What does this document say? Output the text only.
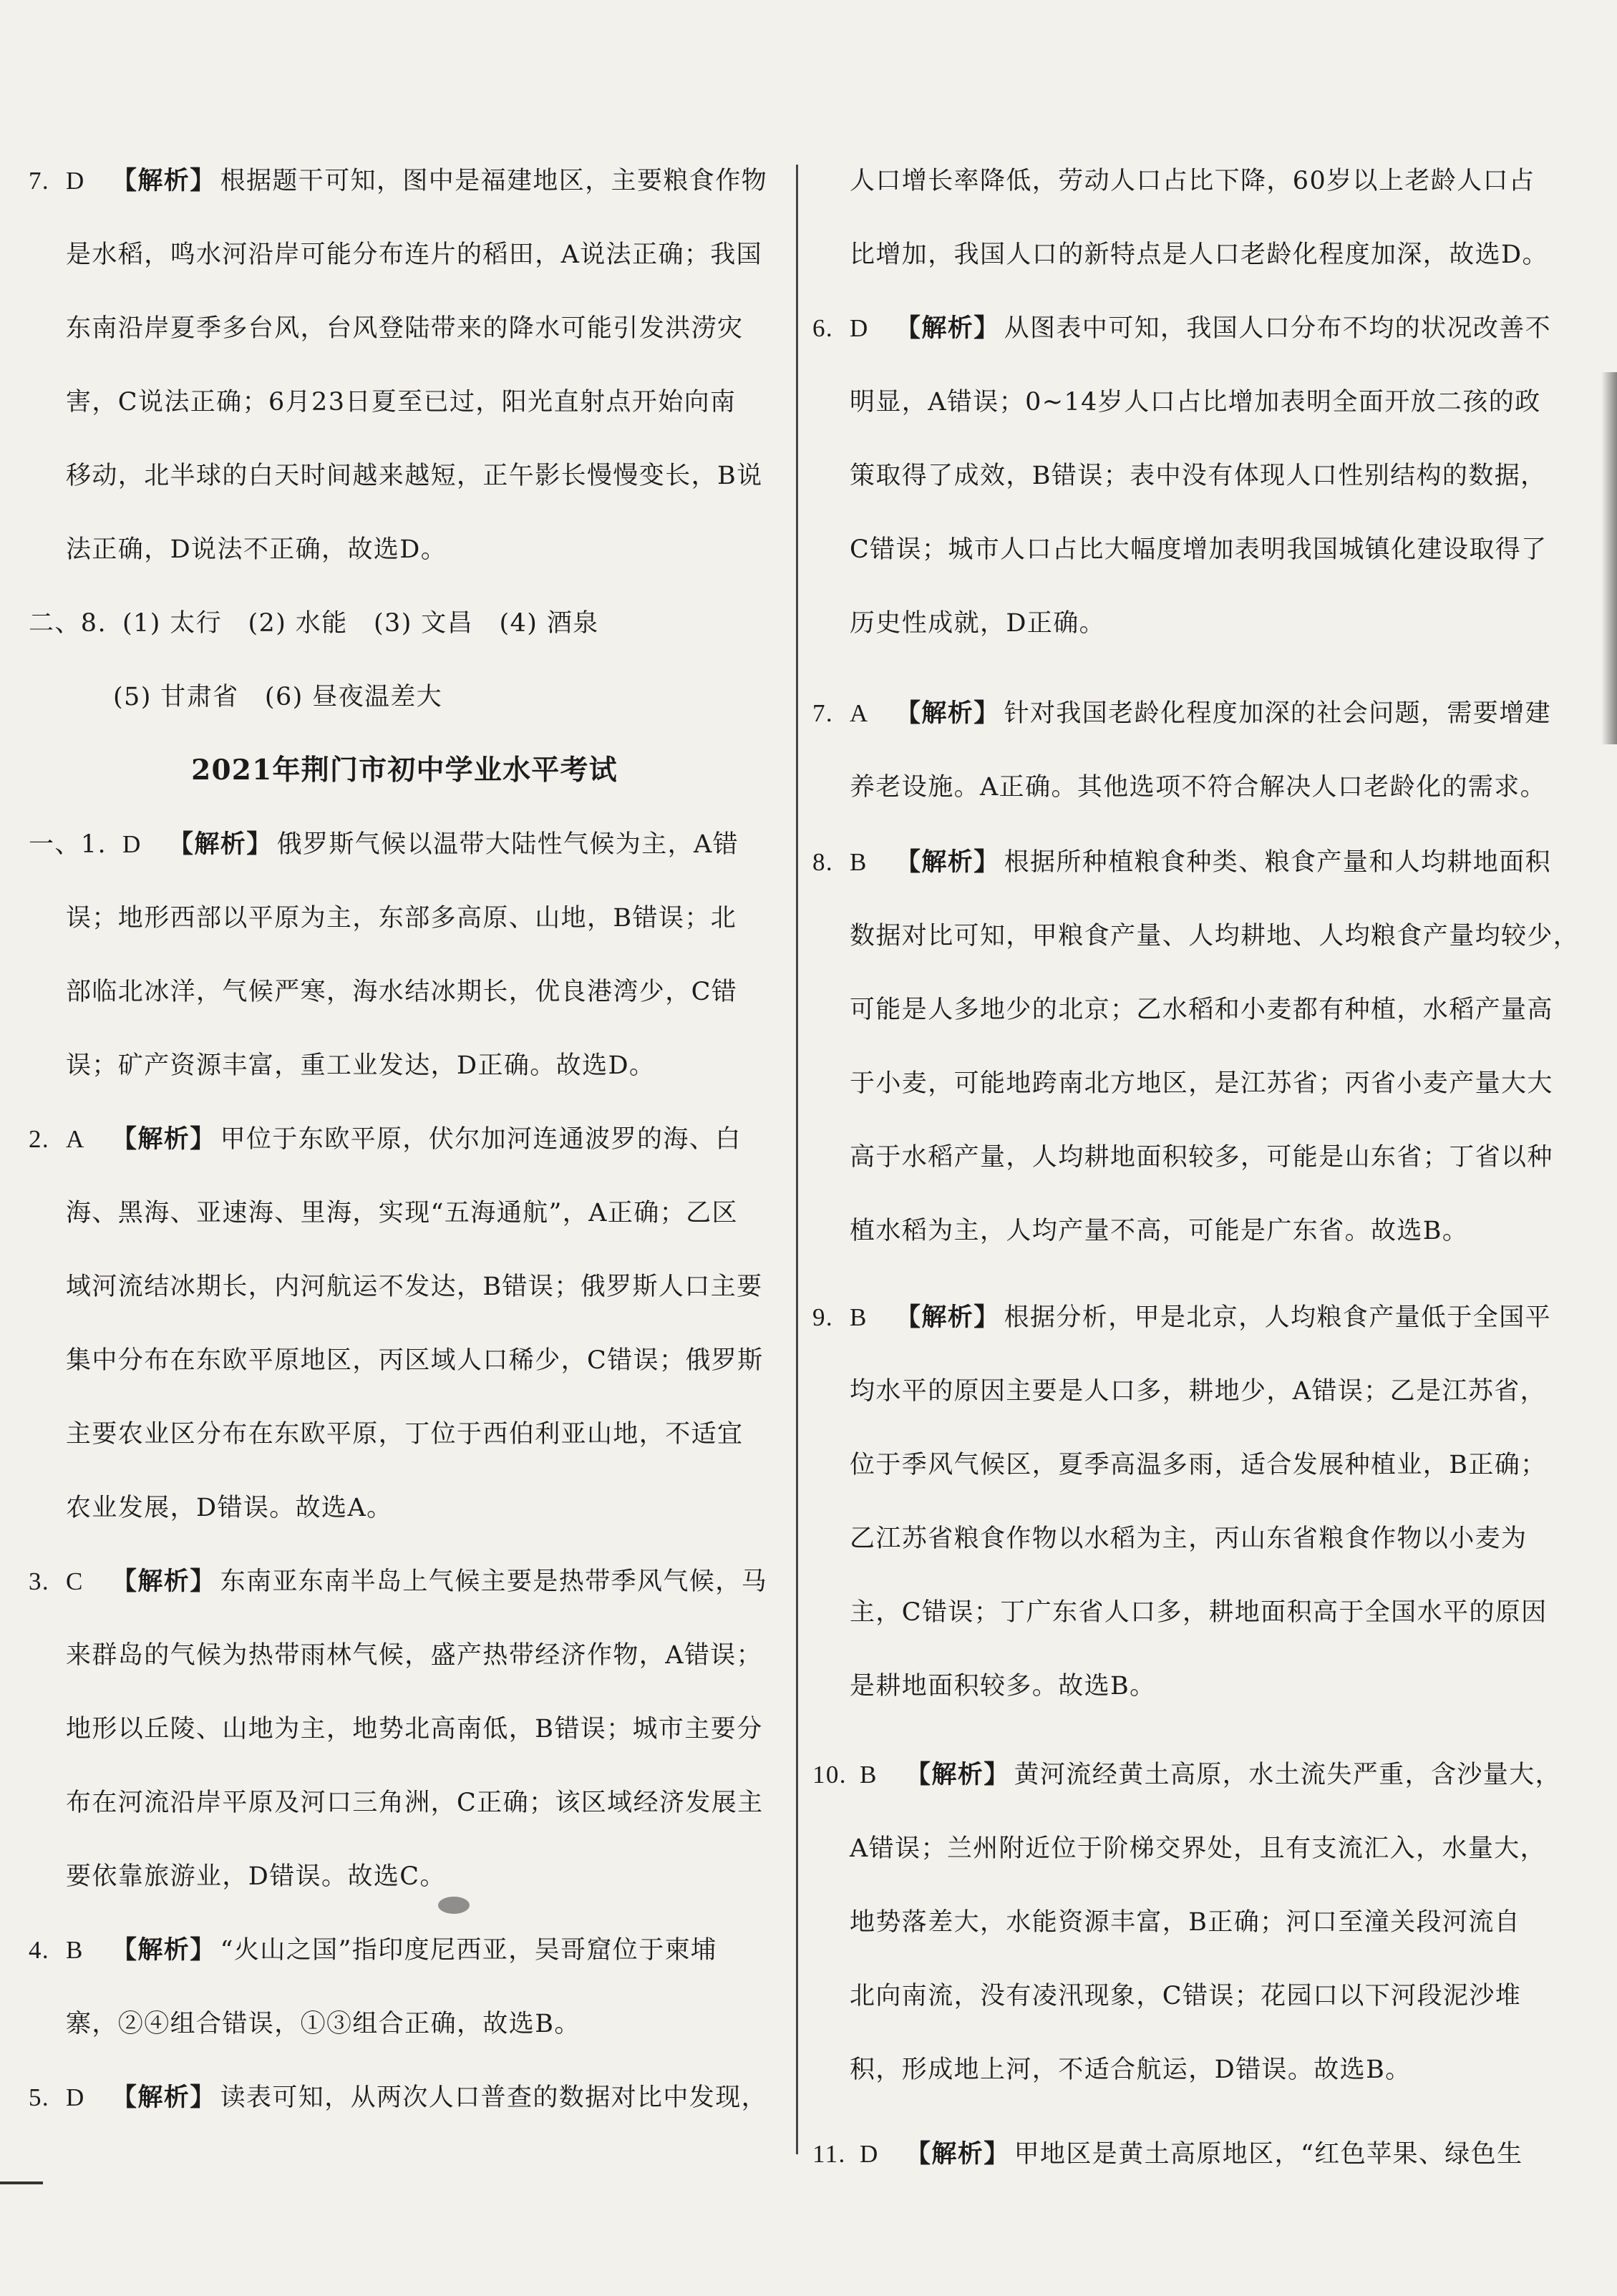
7. D 【解析】 根据题干可知，图中是福建地区，主要粮食作物
是水稻，鸣水河沿岸可能分布连片的稻田，A说法正确；我国
东南沿岸夏季多台风，台风登陆带来的降水可能引发洪涝灾
害，C说法正确；6月23日夏至已过，阳光直射点开始向南
移动，北半球的白天时间越来越短，正午影长慢慢变长，B说
法正确，D说法不正确，故选D。
二、8. (1) 太行　(2) 水能　(3) 文昌　(4) 酒泉
(5) 甘肃省　(6) 昼夜温差大
2021年荆门市初中学业水平考试
一、1. D 【解析】 俄罗斯气候以温带大陆性气候为主，A错
误；地形西部以平原为主，东部多高原、山地，B错误；北
部临北冰洋，气候严寒，海水结冰期长，优良港湾少，C错
误；矿产资源丰富，重工业发达，D正确。故选D。
2. A 【解析】 甲位于东欧平原，伏尔加河连通波罗的海、白
海、黑海、亚速海、里海，实现“五海通航”，A正确；乙区
域河流结冰期长，内河航运不发达，B错误；俄罗斯人口主要
集中分布在东欧平原地区，丙区域人口稀少，C错误；俄罗斯
主要农业区分布在东欧平原，丁位于西伯利亚山地，不适宜
农业发展，D错误。故选A。
3. C 【解析】 东南亚东南半岛上气候主要是热带季风气候，马
来群岛的气候为热带雨林气候，盛产热带经济作物，A错误；
地形以丘陵、山地为主，地势北高南低，B错误；城市主要分
布在河流沿岸平原及河口三角洲，C正确；该区域经济发展主
要依靠旅游业，D错误。故选C。
4. B 【解析】 “火山之国”指印度尼西亚，吴哥窟位于柬埔
寨，②④组合错误，①③组合正确，故选B。
5. D 【解析】 读表可知，从两次人口普查的数据对比中发现，
人口增长率降低，劳动人口占比下降，60岁以上老龄人口占
比增加，我国人口的新特点是人口老龄化程度加深，故选D。
6. D 【解析】 从图表中可知，我国人口分布不均的状况改善不
明显，A错误；0~14岁人口占比增加表明全面开放二孩的政
策取得了成效，B错误；表中没有体现人口性别结构的数据，
C错误；城市人口占比大幅度增加表明我国城镇化建设取得了
历史性成就，D正确。
7. A 【解析】 针对我国老龄化程度加深的社会问题，需要增建
养老设施。A正确。其他选项不符合解决人口老龄化的需求。
8. B 【解析】 根据所种植粮食种类、粮食产量和人均耕地面积
数据对比可知，甲粮食产量、人均耕地、人均粮食产量均较少，
可能是人多地少的北京；乙水稻和小麦都有种植，水稻产量高
于小麦，可能地跨南北方地区，是江苏省；丙省小麦产量大大
高于水稻产量，人均耕地面积较多，可能是山东省；丁省以种
植水稻为主，人均产量不高，可能是广东省。故选B。
9. B 【解析】 根据分析，甲是北京，人均粮食产量低于全国平
均水平的原因主要是人口多，耕地少，A错误；乙是江苏省，
位于季风气候区，夏季高温多雨，适合发展种植业，B正确；
乙江苏省粮食作物以水稻为主，丙山东省粮食作物以小麦为
主，C错误；丁广东省人口多，耕地面积高于全国水平的原因
是耕地面积较多。故选B。
10. B 【解析】 黄河流经黄土高原，水土流失严重，含沙量大，
A错误；兰州附近位于阶梯交界处，且有支流汇入，水量大，
地势落差大，水能资源丰富，B正确；河口至潼关段河流自
北向南流，没有凌汛现象，C错误；花园口以下河段泥沙堆
积，形成地上河，不适合航运，D错误。故选B。
11. D 【解析】 甲地区是黄土高原地区，“红色苹果、绿色生
